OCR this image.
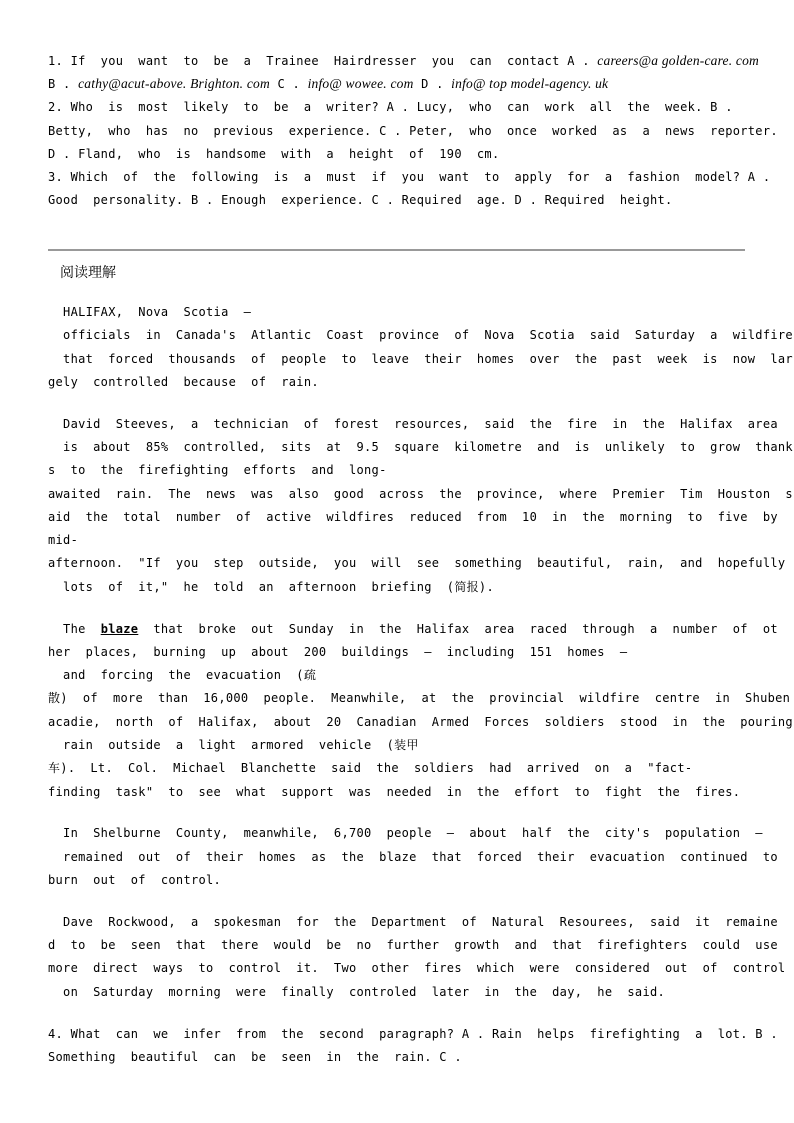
1. If  you  want  to  be  a  Trainee  Hairdresser  you  can  contact A . careers@a golden-care. com
B . cathy@acut-above. Brighton. com C . info@ wowee. com D . info@ top model-agency. uk
2. Who  is  most  likely  to  be  a  writer? A . Lucy,  who  can  work  all  the  week. B .
Betty,  who  has  no  previous  experience. C . Peter,  who  once  worked  as  a  news  reporter.
D . Fland,  who  is  handsome  with  a  height  of  190  cm.
3. Which  of  the  following  is  a  must  if  you  want  to  apply  for  a  fashion  model? A .
Good  personality. B . Enough  experience. C . Required  age. D . Required  height.
阅读理解
HALIFAX,  Nova  Scotia  —
officials  in  Canada's  Atlantic  Coast  province  of  Nova  Scotia  said  Saturday  a  wildfire
that  forced  thousands  of  people  to  leave  their  homes  over  the  past  week  is  now  lar
gely  controlled  because  of  rain.
David  Steeves,  a  technician  of  forest  resources,  said  the  fire  in  the  Halifax  area
is  about  85%  controlled,  sits  at  9.5  square  kilometre  and  is  unlikely  to  grow  thank
s  to  the  firefighting  efforts  and  long-
awaited  rain.  The  news  was  also  good  across  the  province,  where  Premier  Tim  Houston  s
aid  the  total  number  of  active  wildfires  reduced  from  10  in  the  morning  to  five  by
mid-
afternoon.  "If  you  step  outside,  you  will  see  something  beautiful,  rain,  and  hopefully
lots  of  it,"  he  told  an  afternoon  briefing  (简报).
The  blaze  that  broke  out  Sunday  in  the  Halifax  area  raced  through  a  number  of  ot
her  places,  burning  up  about  200  buildings  —  including  151  homes  —
and  forcing  the  evacuation  (疏
散)  of  more  than  16,000  people.  Meanwhile,  at  the  provincial  wildfire  centre  in  Shuben
acadie,  north  of  Halifax,  about  20  Canadian  Armed  Forces  soldiers  stood  in  the  pouring
rain  outside  a  light  armored  vehicle  (装甲
车).  Lt.  Col.  Michael  Blanchette  said  the  soldiers  had  arrived  on  a  "fact-
finding  task"  to  see  what  support  was  needed  in  the  effort  to  fight  the  fires.
In  Shelburne  County,  meanwhile,  6,700  people  —  about  half  the  city's  population  —
remained  out  of  their  homes  as  the  blaze  that  forced  their  evacuation  continued  to
burn  out  of  control.
Dave  Rockwood,  a  spokesman  for  the  Department  of  Natural  Resourees,  said  it  remaine
d  to  be  seen  that  there  would  be  no  further  growth  and  that  firefighters  could  use
more  direct  ways  to  control  it.  Two  other  fires  which  were  considered  out  of  control
on  Saturday  morning  were  finally  controled  later  in  the  day,  he  said.
4. What  can  we  infer  from  the  second  paragraph? A . Rain  helps  firefighting  a  lot. B .
Something  beautiful  can  be  seen  in  the  rain. C .
